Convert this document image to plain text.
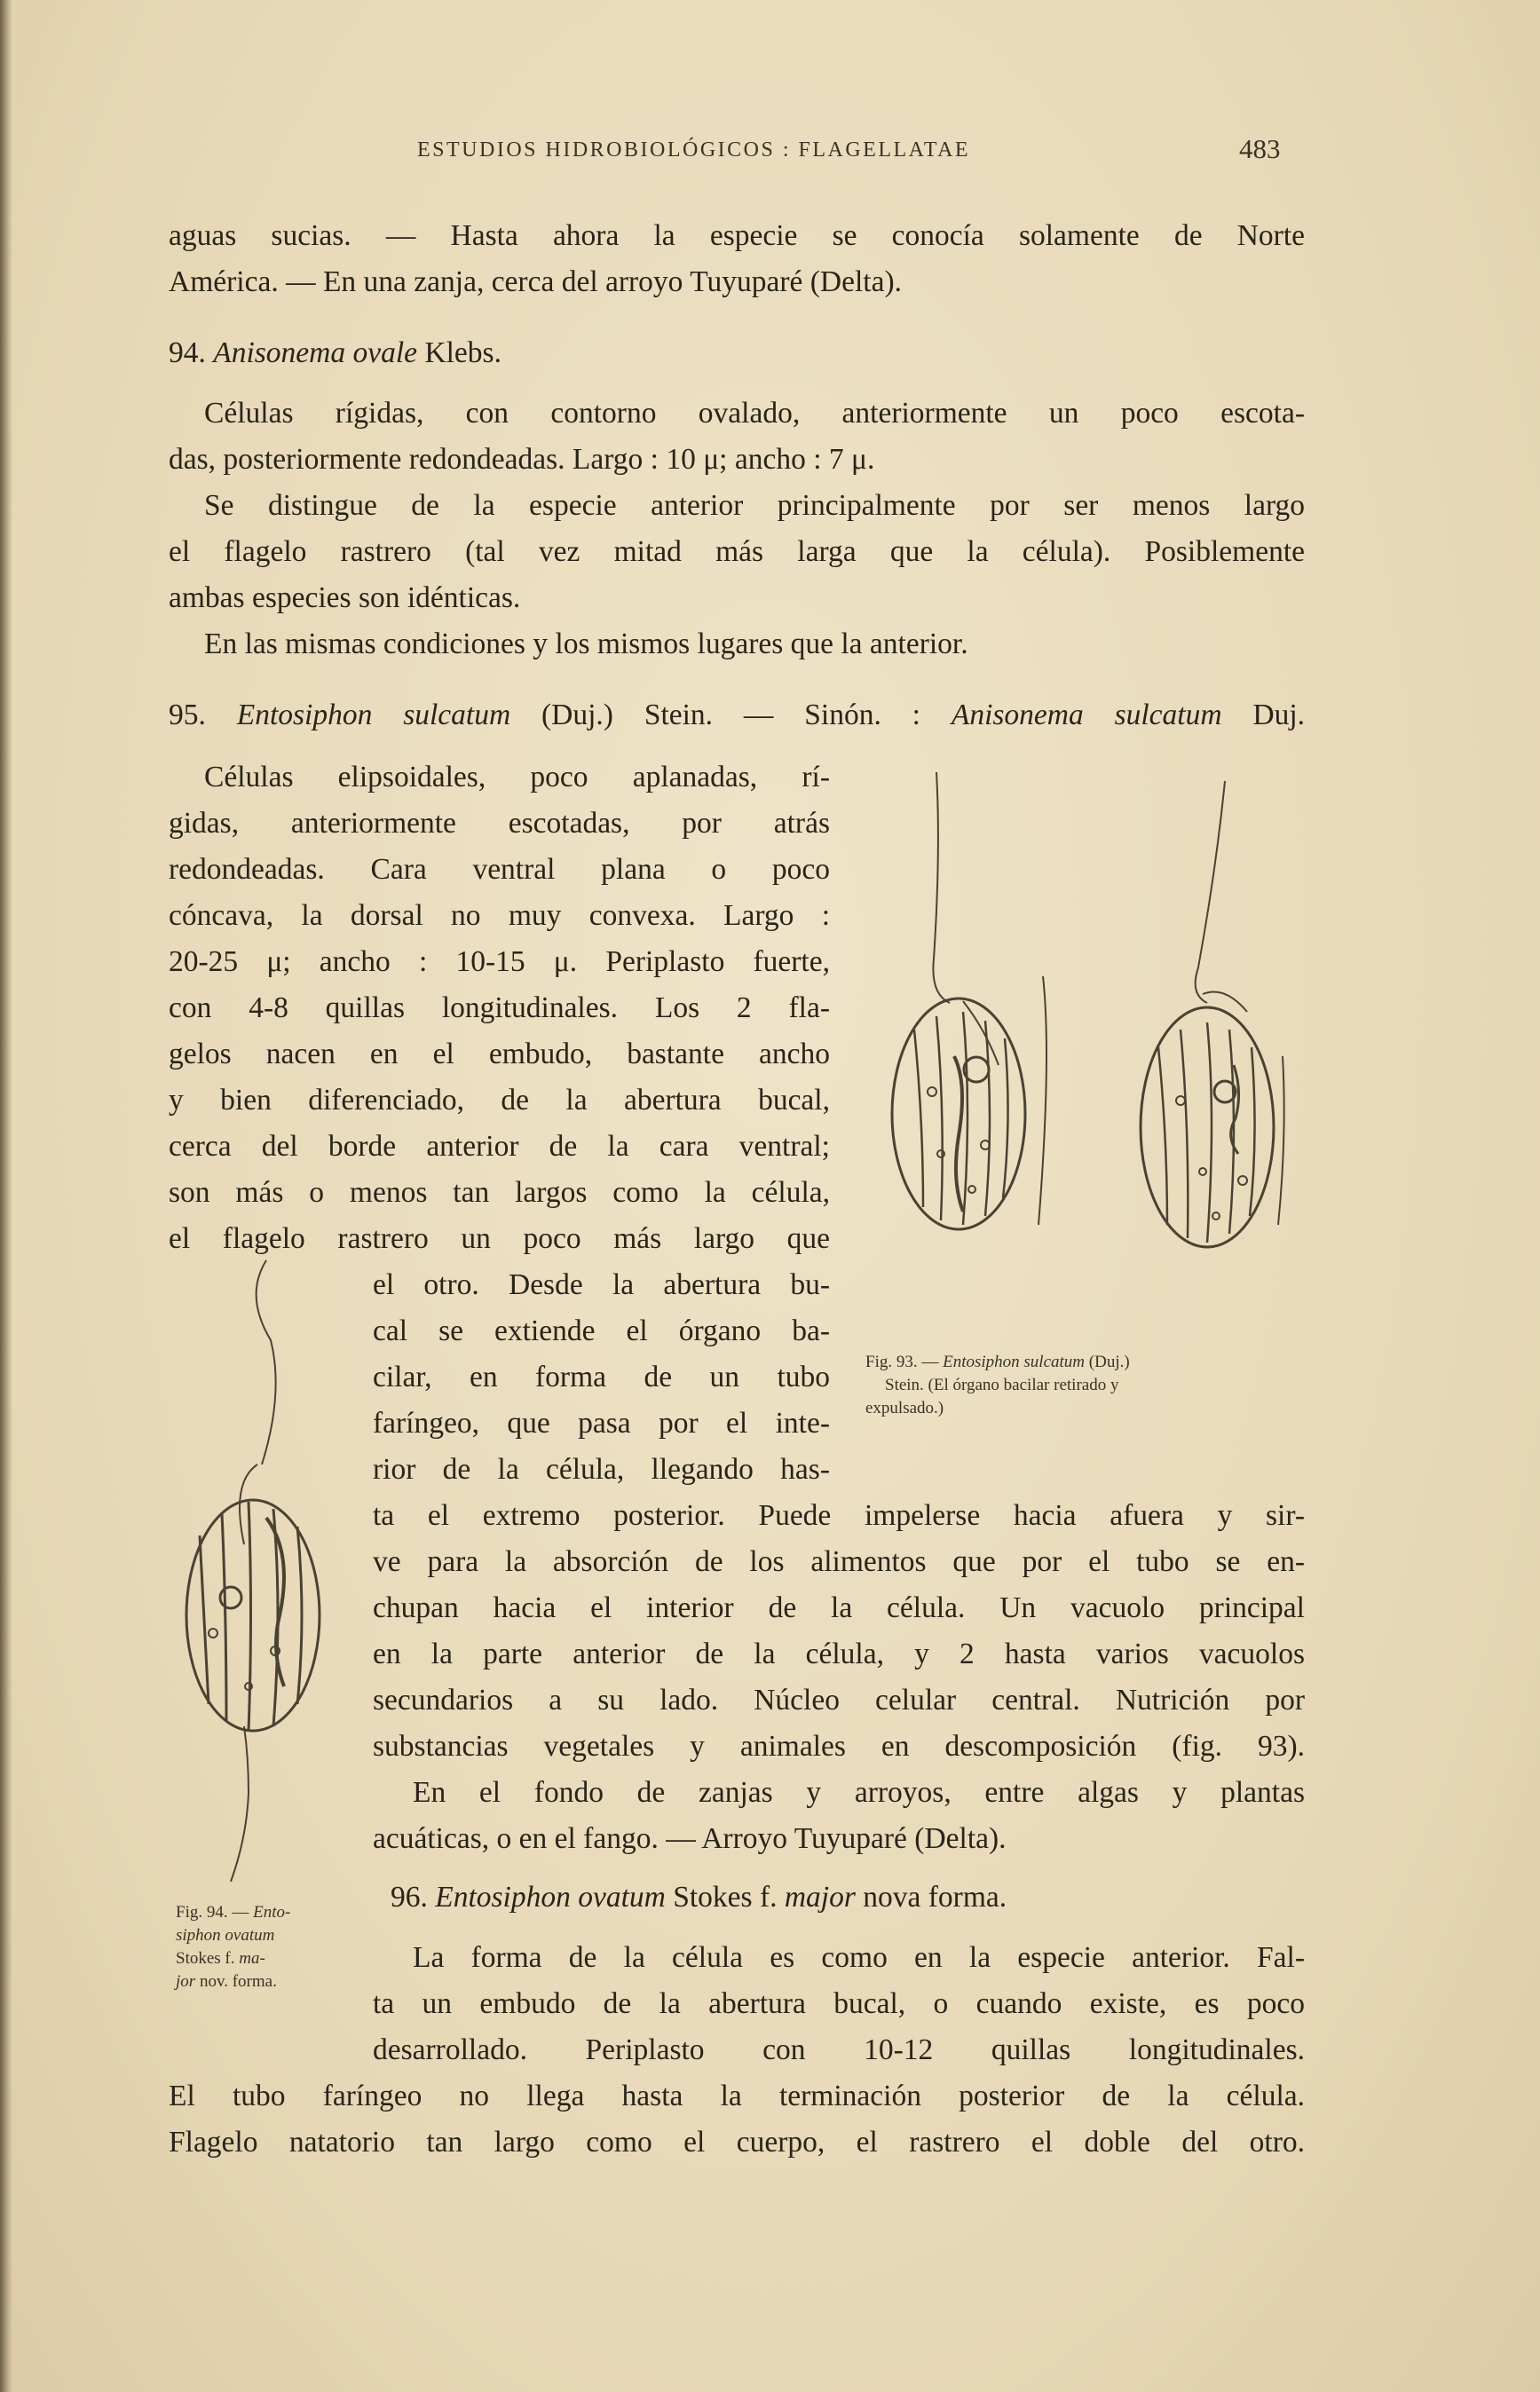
ESTUDIOS HIDROBIOLÓGICOS : FLAGELLATAE	483
aguas sucias. — Hasta ahora la especie se conocía solamente de Norte
América. — En una zanja, cerca del arroyo Tuyuparé (Delta).
94. Anisonema ovale Klebs.
Células rígidas, con contorno ovalado, anteriormente un poco escota-
das, posteriormente redondeadas. Largo : 10 μ; ancho : 7 μ.
Se distingue de la especie anterior principalmente por ser menos largo
el flagelo rastrero (tal vez mitad más larga que la célula). Posiblemente
ambas especies son idénticas.
En las mismas condiciones y los mismos lugares que la anterior.
95. Entosiphon sulcatum (Duj.) Stein. — Sinón. : Anisonema sulcatum Duj.
Células elipsoidales, poco aplanadas, rí-
gidas, anteriormente escotadas, por atrás
redondeadas. Cara ventral plana o poco
cóncava, la dorsal no muy convexa. Largo :
20-25 μ; ancho : 10-15 μ. Periplasto fuerte,
con 4-8 quillas longitudinales. Los 2 fla-
gelos nacen en el embudo, bastante ancho
y bien diferenciado, de la abertura bucal,
cerca del borde anterior de la cara ventral;
son más o menos tan largos como la célula,
el flagelo rastrero un poco más largo que
el otro. Desde la abertura bu-
cal se extiende el órgano ba-
cilar, en forma de un tubo
faríngeo, que pasa por el inte-
rior de la célula, llegando has-
ta el extremo posterior. Puede impelerse hacia afuera y sir-
ve para la absorción de los alimentos que por el tubo se en-
chupan hacia el interior de la célula. Un vacuolo principal
en la parte anterior de la célula, y 2 hasta varios vacuolos
secundarios a su lado. Núcleo celular central. Nutrición por
substancias vegetales y animales en descomposición (fig. 93).
En el fondo de zanjas y arroyos, entre algas y plantas
acuáticas, o en el fango. — Arroyo Tuyuparé (Delta).
96. Entosiphon ovatum Stokes f. major nova forma.
La forma de la célula es como en la especie anterior. Fal-
ta un embudo de la abertura bucal, o cuando existe, es poco
desarrollado. Periplasto con 10-12 quillas longitudinales.
El tubo faríngeo no llega hasta la terminación posterior de la célula.
Flagelo natatorio tan largo como el cuerpo, el rastrero el doble del otro.
Fig. 93. — Entosiphon sulcatum (Duj.)
Stein. (El órgano bacilar retirado y
expulsado.)
Fig. 94. — Ento-
siphon ovatum
Stokes f. ma-
jor nov. forma.
